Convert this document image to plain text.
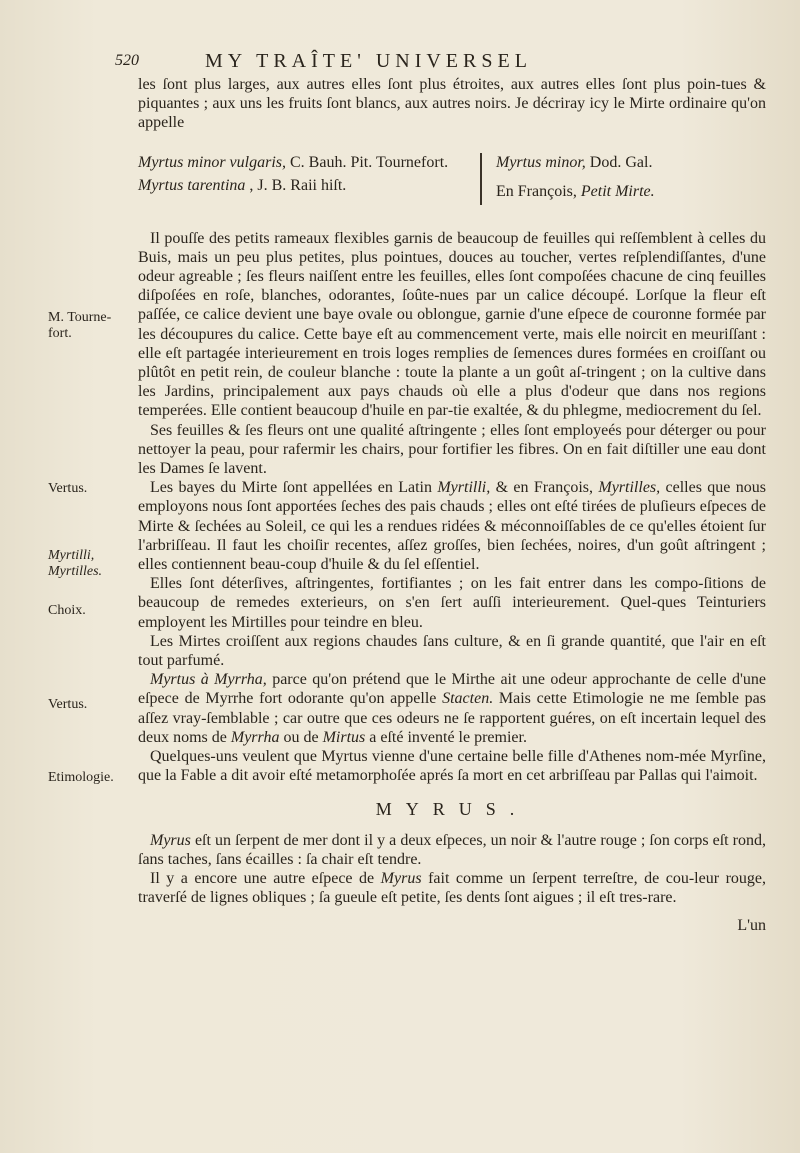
520	MY TRAÎTE' UNIVERSEL
M. Tourne-fort.
Vertus.
Myrtilli, Myrtilles.
Choix.
Vertus.
Etimologie.

les ſont plus larges, aux autres elles ſont plus étroites, aux autres elles ſont plus poin‑tues & piquantes ; aux uns les fruits ſont blancs, aux autres noirs. Je décriray icy le Mirte ordinaire qu'on appelle

Myrtus minor vulgaris, C. Bauh. Pit. Tournefort.
Myrtus tarentina , J. B. Raii hiſt.
Myrtus minor, Dod. Gal.
En François, Petit Mirte.

Il pouſſe des petits rameaux flexibles garnis de beaucoup de feuilles qui reſſemblent à celles du Buis, mais un peu plus petites, plus pointues, douces au toucher, vertes reſplendiſſantes, d'une odeur agreable ; ſes fleurs naiſſent entre les feuilles, elles ſont compoſées chacune de cinq feuilles diſpoſées en roſe, blanches, odorantes, ſoûte‑nues par un calice découpé. Lorſque la fleur eſt paſſée, ce calice devient une baye ovale ou oblongue, garnie d'une eſpece de couronne formée par les découpures du calice. Cette baye eſt au commencement verte, mais elle noircit en meuriſſant : elle eſt partagée interieurement en trois loges remplies de ſemences dures formées en croiſſant ou plûtôt en petit rein, de couleur blanche : toute la plante a un goût aſ‑tringent ; on la cultive dans les Jardins, principalement aux pays chauds où elle a plus d'odeur que dans nos regions temperées. Elle contient beaucoup d'huile en par‑tie exaltée, & du phlegme, mediocrement du ſel.

Ses feuilles & ſes fleurs ont une qualité aſtringente ; elles ſont employeés pour déterger ou pour nettoyer la peau, pour rafermir les chairs, pour fortifier les fibres. On en fait diſtiller une eau dont les Dames ſe lavent.

Les bayes du Mirte ſont appellées en Latin Myrtilli, & en François, Myrtilles, celles que nous employons nous ſont apportées ſeches des pais chauds ; elles ont eſté tirées de pluſieurs eſpeces de Mirte & ſechées au Soleil, ce qui les a rendues ridées & méconnoiſſables de ce qu'elles étoient ſur l'arbriſſeau. Il faut les choiſir recentes, aſſez groſſes, bien ſechées, noires, d'un goût aſtringent ; elles contiennent beau‑coup d'huile & du ſel eſſentiel.

Elles ſont déterſives, aſtringentes, fortifiantes ; on les fait entrer dans les compo‑ſitions de beaucoup de remedes exterieurs, on s'en ſert auſſi interieurement. Quel‑ques Teinturiers employent les Mirtilles pour teindre en bleu.

Les Mirtes croiſſent aux regions chaudes ſans culture, & en ſi grande quantité, que l'air en eſt tout parfumé.

Myrtus à Myrrha, parce qu'on prétend que le Mirthe ait une odeur approchante de celle d'une eſpece de Myrrhe fort odorante qu'on appelle Stacten. Mais cette Etimologie ne me ſemble pas aſſez vray‑ſemblable ; car outre que ces odeurs ne ſe rapportent guéres, on eſt incertain lequel des deux noms de Myrrha ou de Mirtus a eſté inventé le premier.

Quelques‑uns veulent que Myrtus vienne d'une certaine belle fille d'Athenes nom‑mée Myrſine, que la Fable a dit avoir eſté metamorphoſée aprés ſa mort en cet arbriſſeau par Pallas qui l'aimoit.

MYRUS.

Myrus eſt un ſerpent de mer dont il y a deux eſpeces, un noir & l'autre rouge ; ſon corps eſt rond, ſans taches, ſans écailles : ſa chair eſt tendre.

Il y a encore une autre eſpece de Myrus fait comme un ſerpent terreſtre, de cou‑leur rouge, traverſé de lignes obliques ; ſa gueule eſt petite, ſes dents ſont aigues ; il eſt tres‑rare.

L'un
